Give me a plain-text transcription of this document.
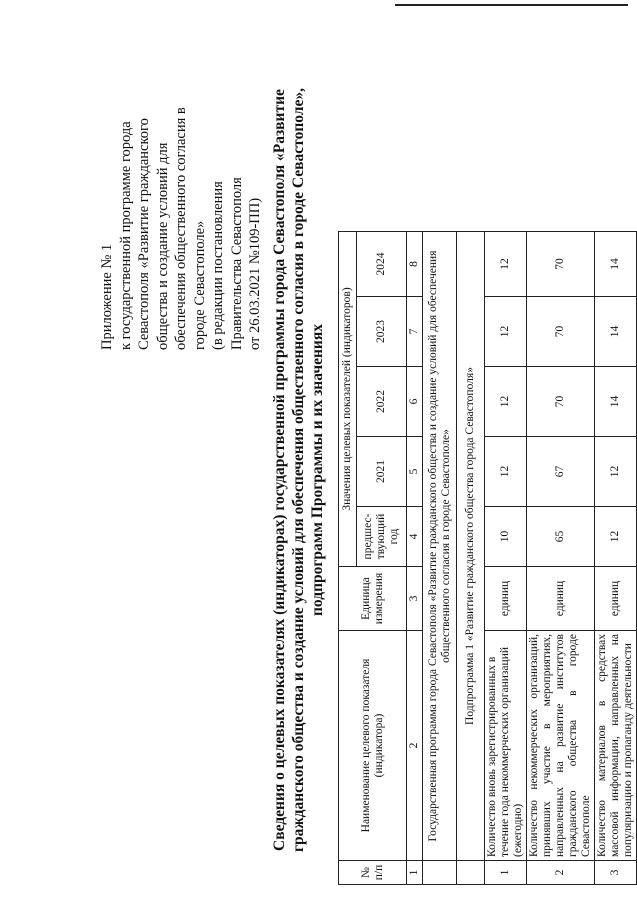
Приложение № 1 к государственной программе города Севастополя «Развитие гражданского общества и создание условий для обеспечения общественного согласия в городе Севастополе» (в редакции постановления Правительства Севастополя от 26.03.2021 №109-ПП) Сведения о целевых показателях (индикаторах) государственной программы города Севастополя «Развитие гражданского общества и создание условий для обеспечения общественного согласия в городе Севастополе», подпрограмм Программы и их значениях
№ п/п	Наименование целевого показателя (индикатора)	Единица измерения	Значения целевых показателей (индикаторов)				
			предшес-твующий год	2021	2022	2023	2024
1	2	3	4	5	6	7	8
	Государственная программа города Севастополя «Развитие гражданского общества и создание условий для обеспечения общественного согласия в городе Севастополе»						
	Подпрограмма 1 «Развитие гражданского общества города Севастополя»						
1	Количество вновь зарегистрированных в течение года некоммерческих организаций (ежегодно)	единиц	10	12	12	12	12
2	Количество некоммерческих организаций, принявших участие в мероприятиях, направленных на развитие институтов гражданского общества в городе Севастополе	единиц	65	67	70	70	70
3	Количество материалов в средствах массовой информации, направленных на популяризацию и пропаганду деятельности	единиц	12	12	14	14	14
